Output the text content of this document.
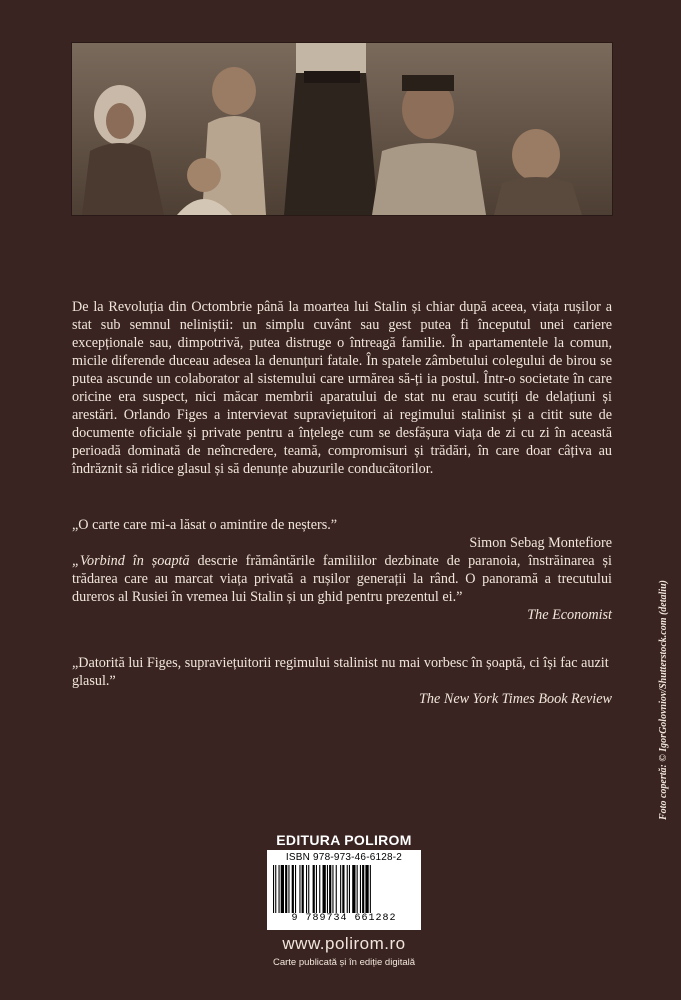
De la Revoluția din Octombrie până la moartea lui Stalin și chiar după aceea, viața rușilor a stat sub semnul neliniștii: un simplu cuvânt sau gest putea fi începutul unei cariere excepționale sau, dimpotrivă, putea distruge o întreagă familie. În apartamentele la comun, micile diferende duceau adesea la denunțuri fatale. În spatele zâmbetului colegului de birou se putea ascunde un colaborator al sistemului care urmărea să-ți ia postul. Într-o societate în care oricine era suspect, nici măcar membrii aparatului de stat nu erau scutiți de delațiuni și arestări. Orlando Figes a intervievat supraviețuitori ai regimului stalinist și a citit sute de documente oficiale și private pentru a înțelege cum se desfășura viața de zi cu zi în această perioadă dominată de neîncredere, teamă, compromisuri și trădări, în care doar câțiva au îndrăznit să ridice glasul și să denunțe abuzurile conducătorilor.
„O carte care mi-a lăsat o amintire de neșters.”
Simon Sebag Montefiore
„Vorbind în șoaptă descrie frământările familiilor dezbinate de paranoia, înstrăinarea și trădarea care au marcat viața privată a rușilor generații la rând. O panoramă a trecutului dureros al Rusiei în vremea lui Stalin și un ghid pentru prezentul ei.”
The Economist
„Datorită lui Figes, supraviețuitorii regimului stalinist nu mai vorbesc în șoaptă, ci își fac auzit glasul.”
The New York Times Book Review
EDITURA POLIROM
ISBN 978-973-46-6128-2
9 789734 661282
www.polirom.ro
Carte publicată și în ediție digitală
Foto copertă: © IgorGolovniov/Shutterstock.com (detaliu)
